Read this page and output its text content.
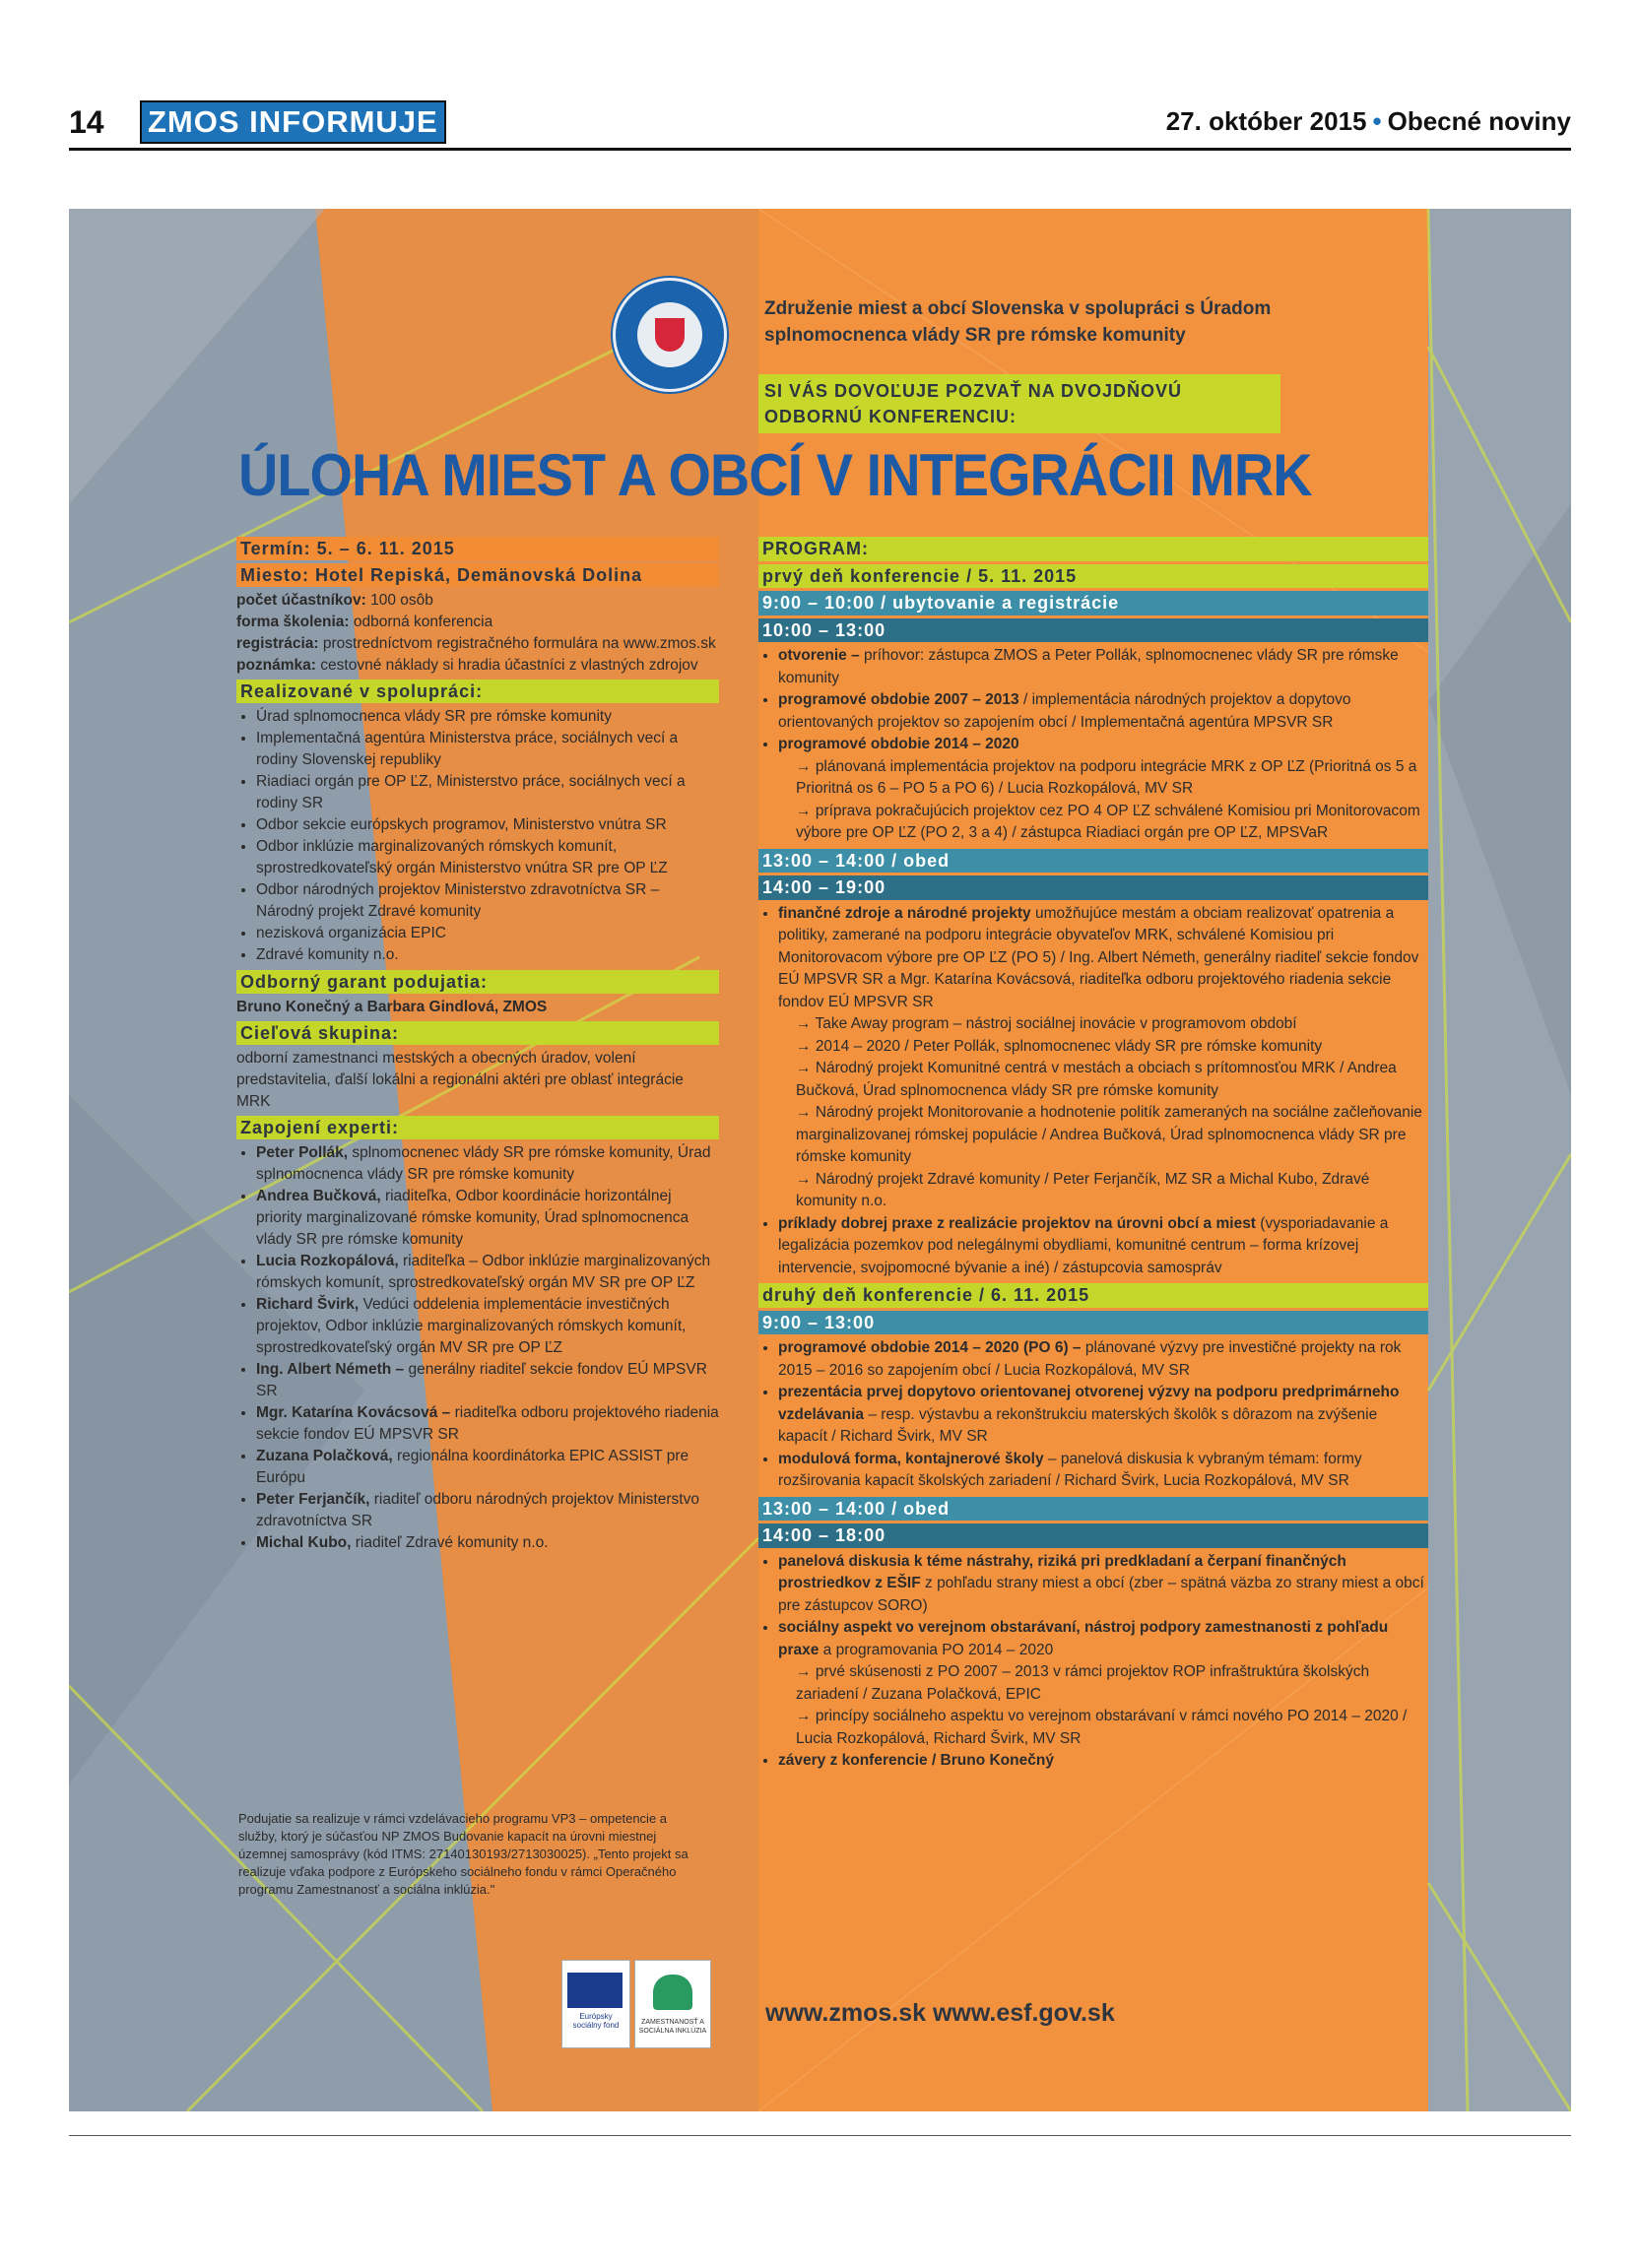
14 ZMOS INFORMUJE	27. október 2015 • Obecné noviny
Združenie miest a obcí Slovenska v spolupráci s Úradom splnomocnenca vlády SR pre rómske komunity
SI VÁS DOVOĽUJE POZVAŤ NA DVOJDŇOVÚ ODBORNÚ KONFERENCIU:
ÚLOHA MIEST A OBCÍ V INTEGRÁCII MRK
Termín: 5. – 6. 11. 2015
Miesto: Hotel Repiská, Demänovská Dolina
počet účastníkov: 100 osôb
forma školenia: odborná konferencia
registrácia: prostredníctvom registračného formulára na www.zmos.sk
poznámka: cestovné náklady si hradia účastníci z vlastných zdrojov
Realizované v spolupráci:
• Úrad splnomocnenca vlády SR pre rómske komunity
• Implementačná agentúra Ministerstva práce, sociálnych vecí a rodiny Slovenskej republiky
• Riadiaci orgán pre OP ĽZ, Ministerstvo práce, sociálnych vecí a rodiny SR
• Odbor sekcie európskych programov, Ministerstvo vnútra SR
• Odbor inklúzie marginalizovaných rómskych komunít, sprostredkovateľský orgán Ministerstvo vnútra SR pre OP ĽZ
• Odbor národných projektov Ministerstvo zdravotníctva SR – Národný projekt Zdravé komunity
• nezisková organizácia EPIC
• Zdravé komunity n.o.
Odborný garant podujatia:
Bruno Konečný a Barbara Gindlová, ZMOS
Cieľová skupina:
odborní zamestnanci mestských a obecných úradov, volení predstavitelia, ďalší lokálni a regionálni aktéri pre oblasť integrácie MRK
Zapojení experti:
• Peter Pollák, splnomocnenec vlády SR pre rómske komunity, Úrad splnomocnenca vlády SR pre rómske komunity
• Andrea Bučková, riaditeľka, Odbor koordinácie horizontálnej priority marginalizované rómske komunity, Úrad splnomocnenca vlády SR pre rómske komunity
• Lucia Rozkopálová, riaditeľka – Odbor inklúzie marginalizovaných rómskych komunít, sprostredkovateľský orgán MV SR pre OP ĽZ
• Richard Švirk, Vedúci oddelenia implementácie investičných projektov, Odbor inklúzie marginalizovaných rómskych komunít, sprostredkovateľský orgán MV SR pre OP ĽZ
• Ing. Albert Németh – generálny riaditeľ sekcie fondov EÚ MPSVR SR
• Mgr. Katarína Kovácsová – riaditeľka odboru projektového riadenia sekcie fondov EÚ MPSVR SR
• Zuzana Polačková, regionálna koordinátorka EPIC ASSIST pre Európu
• Peter Ferjančík, riaditeľ odboru národných projektov Ministerstvo zdravotníctva SR
• Michal Kubo, riaditeľ Zdravé komunity n.o.
Podujatie sa realizuje v rámci vzdelávacieho programu VP3 – ompetencie a služby, ktorý je súčasťou NP ZMOS Budovanie kapacít na úrovni miestnej územnej samosprávy (kód ITMS: 27140130193/2713030025). „Tento projekt sa realizuje vďaka podpore z Európskeho sociálneho fondu v rámci Operačného programu Zamestnanosť a sociálna inklúzia."
Európsky sociálny fond	ZAMESTNANOSŤ A SOCIÁLNA INKLÚZIA
PROGRAM:
prvý deň konferencie / 5. 11. 2015
9:00 – 10:00 / ubytovanie a registrácie
10:00 – 13:00
• otvorenie – príhovor: zástupca ZMOS a Peter Pollák, splnomocnenec vlády SR pre rómske komunity
• programové obdobie 2007 – 2013 / implementácia národných projektov a dopytovo orientovaných projektov so zapojením obcí / Implementačná agentúra MPSVR SR
• programové obdobie 2014 – 2020
→ plánovaná implementácia projektov na podporu integrácie MRK z OP ĽZ (Prioritná os 5 a Prioritná os 6 – PO 5 a PO 6) / Lucia Rozkopálová, MV SR
→ príprava pokračujúcich projektov cez PO 4 OP ĽZ schválené Komisiou pri Monitorovacom výbore pre OP ĽZ (PO 2, 3 a 4) / zástupca Riadiaci orgán pre OP ĽZ, MPSVaR
13:00 – 14:00 / obed
14:00 – 19:00
• finančné zdroje a národné projekty umožňujúce mestám a obciam realizovať opatrenia a politiky, zamerané na podporu integrácie obyvateľov MRK, schválené Komisiou pri Monitorovacom výbore pre OP ĽZ (PO 5) / Ing. Albert Németh, generálny riaditeľ sekcie fondov EÚ MPSVR SR a Mgr. Katarína Kovácsová, riaditeľka odboru projektového riadenia sekcie fondov EÚ MPSVR SR
→ Take Away program – nástroj sociálnej inovácie v programovom období
→ 2014 – 2020 / Peter Pollák, splnomocnenec vlády SR pre rómske komunity
→ Národný projekt Komunitné centrá v mestách a obciach s prítomnosťou MRK / Andrea Bučková, Úrad splnomocnenca vlády SR pre rómske komunity
→ Národný projekt Monitorovanie a hodnotenie politík zameraných na sociálne začleňovanie marginalizovanej rómskej populácie / Andrea Bučková, Úrad splnomocnenca vlády SR pre rómske komunity
→ Národný projekt Zdravé komunity / Peter Ferjančík, MZ SR a Michal Kubo, Zdravé komunity n.o.
• príklady dobrej praxe z realizácie projektov na úrovni obcí a miest (vysporiadavanie a legalizácia pozemkov pod nelegálnymi obydliami, komunitné centrum – forma krízovej intervencie, svojpomocné bývanie a iné) / zástupcovia samospráv
druhý deň konferencie / 6. 11. 2015
9:00 – 13:00
• programové obdobie 2014 – 2020 (PO 6) – plánované výzvy pre investičné projekty na rok 2015 – 2016 so zapojením obcí / Lucia Rozkopálová, MV SR
• prezentácia prvej dopytovo orientovanej otvorenej výzvy na podporu predprimárneho vzdelávania – resp. výstavbu a rekonštrukciu materských školôk s dôrazom na zvýšenie kapacít / Richard Švirk, MV SR
• modulová forma, kontajnerové školy – panelová diskusia k vybraným témam: formy rozširovania kapacít školských zariadení / Richard Švirk, Lucia Rozkopálová, MV SR
13:00 – 14:00 / obed
14:00 – 18:00
• panelová diskusia k téme nástrahy, riziká pri predkladaní a čerpaní finančných prostriedkov z EŠIF z pohľadu strany miest a obcí (zber – spätná väzba zo strany miest a obcí pre zástupcov SORO)
• sociálny aspekt vo verejnom obstarávaní, nástroj podpory zamestnanosti z pohľadu praxe a programovania PO 2014 – 2020
→ prvé skúsenosti z PO 2007 – 2013 v rámci projektov ROP infraštruktúra školských zariadení / Zuzana Polačková, EPIC
→ princípy sociálneho aspektu vo verejnom obstarávaní v rámci nového PO 2014 – 2020 / Lucia Rozkopálová, Richard Švirk, MV SR
• závery z konferencie / Bruno Konečný
www.zmos.sk www.esf.gov.sk
